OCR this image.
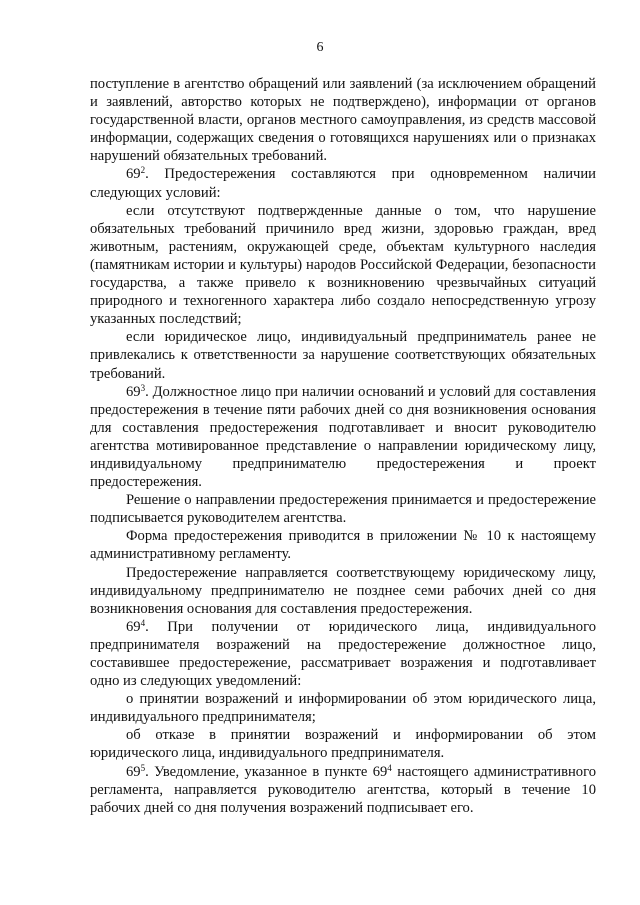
6

поступление в агентство обращений или заявлений (за исключением обращений и заявлений, авторство которых не подтверждено), информации от органов государственной власти, органов местного самоуправления, из средств массовой информации, содержащих сведения о готовящихся нарушениях или о признаках нарушений обязательных требований.

$69^2$. Предостережения составляются при одновременном наличии следующих условий:

если отсутствуют подтвержденные данные о том, что нарушение обязательных требований причинило вред жизни, здоровью граждан, вред животным, растениям, окружающей среде, объектам культурного наследия (памятникам истории и культуры) народов Российской Федерации, безопасности государства, а также привело к возникновению чрезвычайных ситуаций природного и техногенного характера либо создало непосредственную угрозу указанных последствий;

если юридическое лицо, индивидуальный предприниматель ранее не привлекались к ответственности за нарушение соответствующих обязательных требований.

$69^3$. Должностное лицо при наличии оснований и условий для составления предостережения в течение пяти рабочих дней со дня возникновения основания для составления предостережения подготавливает и вносит руководителю агентства мотивированное представление о направлении юридическому лицу, индивидуальному предпринимателю предостережения и проект предостережения.

Решение о направлении предостережения принимается и предостережение подписывается руководителем агентства.

Форма предостережения приводится в приложении № 10 к настоящему административному регламенту.

Предостережение направляется соответствующему юридическому лицу, индивидуальному предпринимателю не позднее семи рабочих дней со дня возникновения основания для составления предостережения.

$69^4$. При получении от юридического лица, индивидуального предпринимателя возражений на предостережение должностное лицо, составившее предостережение, рассматривает возражения и подготавливает одно из следующих уведомлений:

о принятии возражений и информировании об этом юридического лица, индивидуального предпринимателя;

об отказе в принятии возражений и информировании об этом юридического лица, индивидуального предпринимателя.

$69^5$. Уведомление, указанное в пункте $69^4$ настоящего административного регламента, направляется руководителю агентства, который в течение 10 рабочих дней со дня получения возражений подписывает его.
